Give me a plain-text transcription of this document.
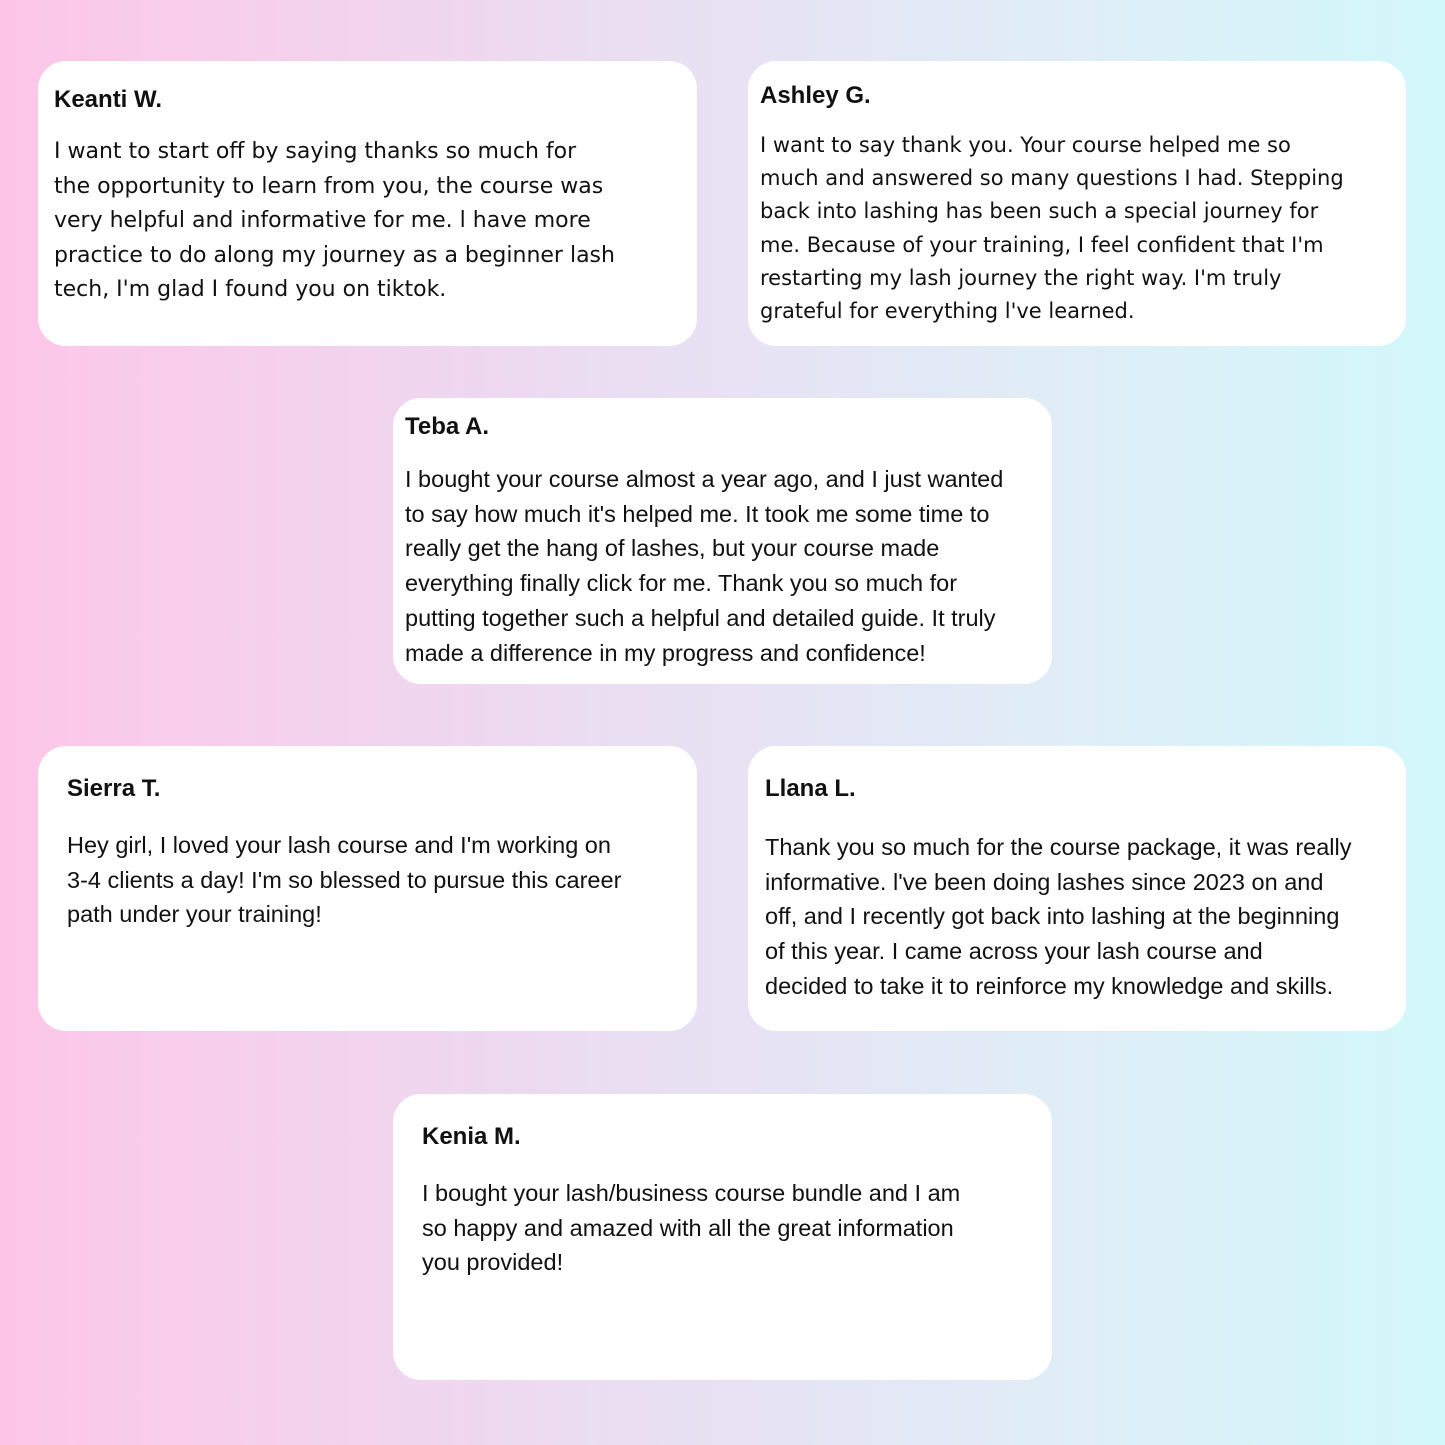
Keanti W.

I want to start off by saying thanks so much for
the opportunity to learn from you, the course was
very helpful and informative for me. l have more
practice to do along my journey as a beginner lash
tech, I'm glad I found you on tiktok.

Ashley G.

I want to say thank you. Your course helped me so
much and answered so many questions I had. Stepping
back into lashing has been such a special journey for
me. Because of your training, I feel confident that I'm
restarting my lash journey the right way. I'm truly
grateful for everything l've learned.

Teba A.

I bought your course almost a year ago, and I just wanted
to say how much it's helped me. It took me some time to
really get the hang of lashes, but your course made
everything finally click for me. Thank you so much for
putting together such a helpful and detailed guide. It truly
made a difference in my progress and confidence!

Sierra T.

Hey girl, I loved your lash course and I'm working on
3-4 clients a day! I'm so blessed to pursue this career
path under your training!

Llana L.

Thank you so much for the course package, it was really
informative. l've been doing lashes since 2023 on and
off, and I recently got back into lashing at the beginning
of this year. I came across your lash course and
decided to take it to reinforce my knowledge and skills.

Kenia M.

I bought your lash/business course bundle and I am
so happy and amazed with all the great information
you provided!
